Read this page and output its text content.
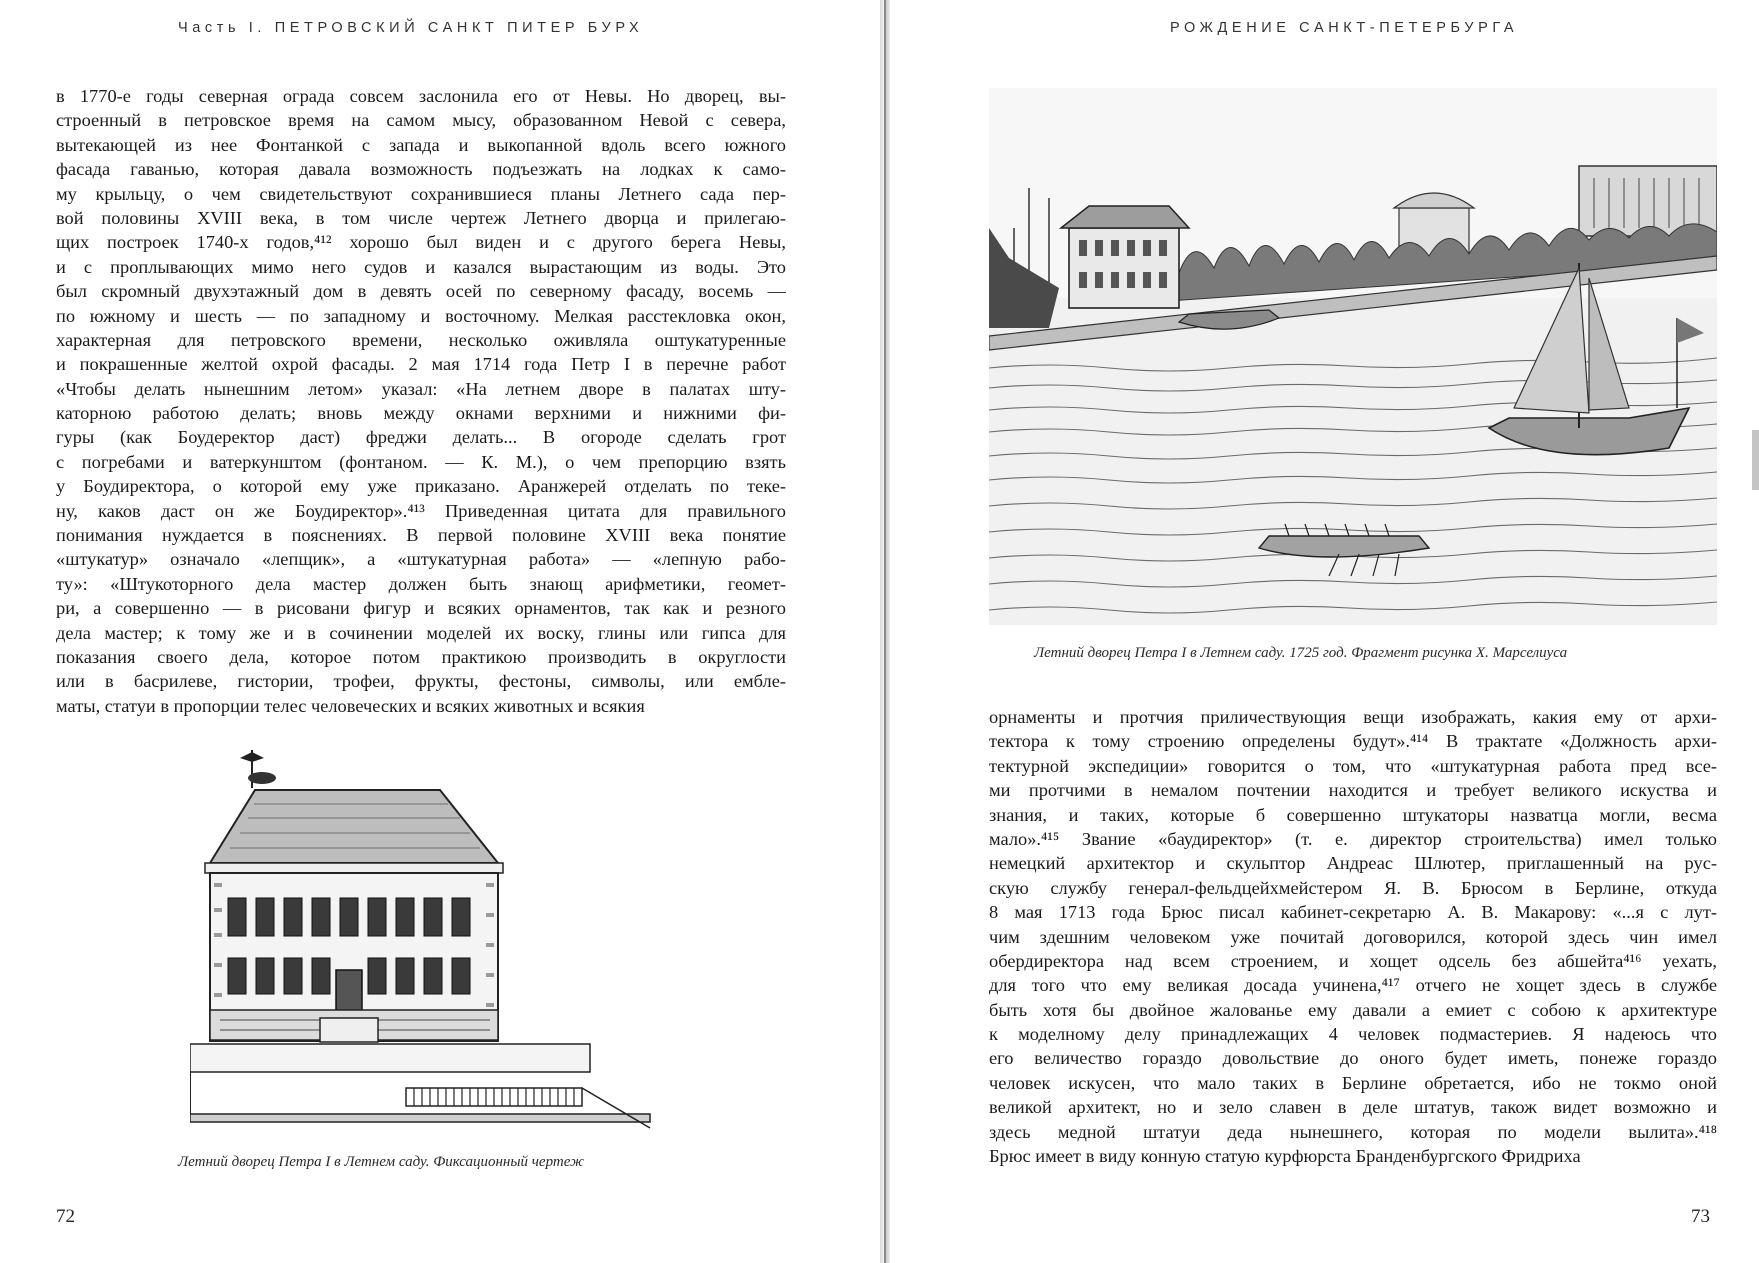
Часть I. ПЕТРОВСКИЙ САНКТ ПИТЕР БУРХ
в 1770-е годы северная ограда совсем заслонила его от Невы. Но дворец, вы-
строенный в петровское время на самом мысу, образованном Невой с севера,
вытекающей из нее Фонтанкой с запада и выкопанной вдоль всего южного
фасада гаванью, которая давала возможность подъезжать на лодках к само-
му крыльцу, о чем свидетельствуют сохранившиеся планы Летнего сада пер-
вой половины XVIII века, в том числе чертеж Летнего дворца и прилегаю-
щих построек 1740-х годов,⁴¹² хорошо был виден и с другого берега Невы,
и с проплывающих мимо него судов и казался вырастающим из воды. Это
был скромный двухэтажный дом в девять осей по северному фасаду, восемь —
по южному и шесть — по западному и восточному. Мелкая расстекловка окон,
характерная для петровского времени, несколько оживляла оштукатуренные
и покрашенные желтой охрой фасады. 2 мая 1714 года Петр I в перечне работ
«Чтобы делать нынешним летом» указал: «На летнем дворе в палатах шту-
каторною работою делать; вновь между окнами верхними и нижними фи-
гуры (как Боудеректор даст) фреджи делать... В огороде сделать грот
с погребами и ватеркунштом (фонтаном. — К. М.), о чем препорцию взять
у Боудиректора, о которой ему уже приказано. Аранжерей отделать по теке-
ну, каков даст он же Боудиректор».⁴¹³ Приведенная цитата для правильного
понимания нуждается в пояснениях. В первой половине XVIII века понятие
«штукатур» означало «лепщик», а «штукатурная работа» — «лепную рабо-
ту»: «Штукоторного дела мастер должен быть знающ арифметики, геомет-
ри, а совершенно — в рисовани фигур и всяких орнаментов, так как и резного
дела мастер; к тому же и в сочинении моделей их воску, глины или гипса для
показания своего дела, которое потом практикою производить в округлости
или в басрилеве, гистории, трофеи, фрукты, фестоны, символы, или ембле-
маты, статуи в пропорции телес человеческих и всяких животных и всякия
Летний дворец Петра I в Летнем саду. Фиксационный чертеж
72
РОЖДЕНИЕ САНКТ-ПЕТЕРБУРГА
Летний дворец Петра I в Летнем саду. 1725 год. Фрагмент рисунка Х. Марселиуса
орнаменты и протчия приличествующия вещи изображать, какия ему от архи-
тектора к тому строению определены будут».⁴¹⁴ В трактате «Должность архи-
тектурной экспедиции» говорится о том, что «штукатурная работа пред все-
ми протчими в немалом почтении находится и требует великого искуства и
знания, и таких, которые б совершенно штукаторы назватца могли, весма
мало».⁴¹⁵ Звание «баудиректор» (т. е. директор строительства) имел только
немецкий архитектор и скульптор Андреас Шлютер, приглашенный на рус-
скую службу генерал-фельдцейхмейстером Я. В. Брюсом в Берлине, откуда
8 мая 1713 года Брюс писал кабинет-секретарю А. В. Макарову: «...я с лут-
чим здешним человеком уже почитай договорился, которой здесь чин имел
обердиректора над всем строением, и хощет одсель без абшейта⁴¹⁶ уехать,
для того что ему великая досада учинена,⁴¹⁷ отчего не хощет здесь в службе
быть хотя бы двойное жалованье ему давали а емиет с собою к архитектуре
к моделному делу принадлежащих 4 человек подмастериев. Я надеюсь что
его величество гораздо довольствие до оного будет иметь, понеже гораздо
человек искусен, что мало таких в Берлине обретается, ибо не токмо оной
великой архитект, но и зело славен в деле штатув, також видет возможно и
здесь медной штатуи деда нынешнего, которая по модели вылита».⁴¹⁸
Брюс имеет в виду конную статую курфюрста Бранденбургского Фридриха
73
